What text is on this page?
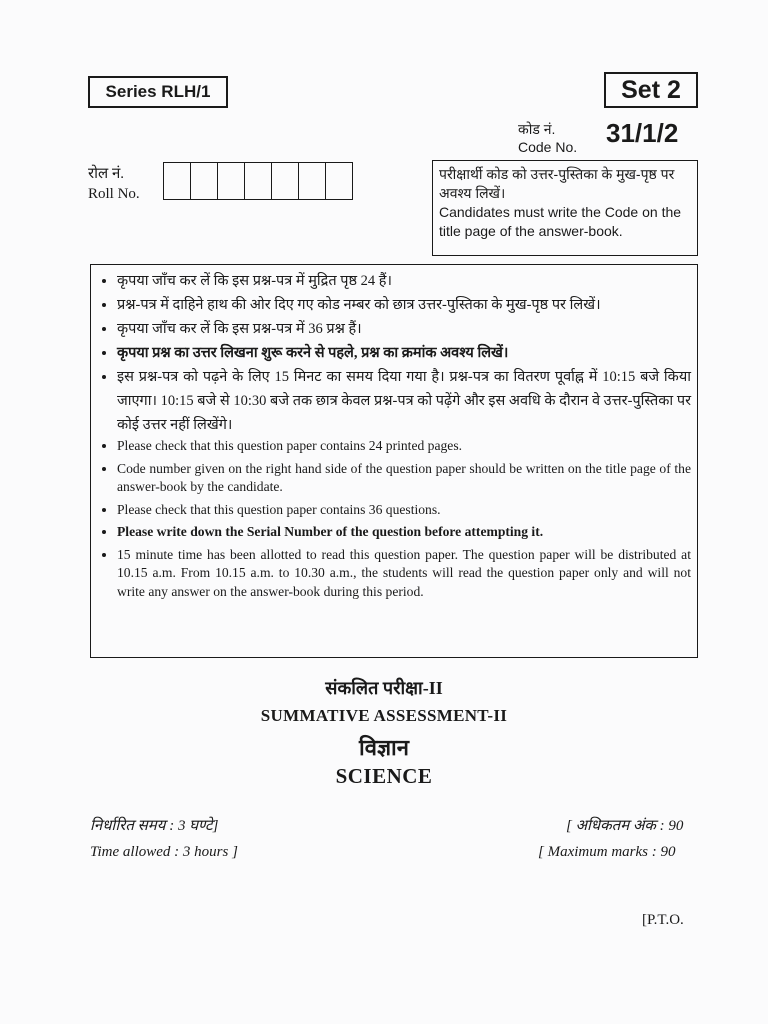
Series RLH/1	Set 2
कोड नं.
Code No. 31/1/2
रोल नं.
Roll No.
परीक्षार्थी कोड को उत्तर-पुस्तिका के मुख-पृष्ठ पर अवश्य लिखें।
Candidates must write the Code on the title page of the answer-book.
• कृपया जाँच कर लें कि इस प्रश्न-पत्र में मुद्रित पृष्ठ 24 हैं।
• प्रश्न-पत्र में दाहिने हाथ की ओर दिए गए कोड नम्बर को छात्र उत्तर-पुस्तिका के मुख-पृष्ठ पर लिखें।
• कृपया जाँच कर लें कि इस प्रश्न-पत्र में 36 प्रश्न हैं।
• कृपया प्रश्न का उत्तर लिखना शुरू करने से पहले, प्रश्न का क्रमांक अवश्य लिखें।
• इस प्रश्न-पत्र को पढ़ने के लिए 15 मिनट का समय दिया गया है। प्रश्न-पत्र का वितरण पूर्वाह्न में 10:15 बजे किया जाएगा। 10:15 बजे से 10:30 बजे तक छात्र केवल प्रश्न-पत्र को पढ़ेंगे और इस अवधि के दौरान वे उत्तर-पुस्तिका पर कोई उत्तर नहीं लिखेंगे।
• Please check that this question paper contains 24 printed pages.
• Code number given on the right hand side of the question paper should be written on the title page of the answer-book by the candidate.
• Please check that this question paper contains 36 questions.
• Please write down the Serial Number of the question before attempting it.
• 15 minute time has been allotted to read this question paper. The question paper will be distributed at 10.15 a.m. From 10.15 a.m. to 10.30 a.m., the students will read the question paper only and will not write any answer on the answer-book during this period.
संकलित परीक्षा-II
SUMMATIVE ASSESSMENT-II
विज्ञान
SCIENCE
निर्धारित समय : 3 घण्टे]
Time allowed : 3 hours ]
[ अधिकतम अंक : 90
[ Maximum marks : 90
[P.T.O.
